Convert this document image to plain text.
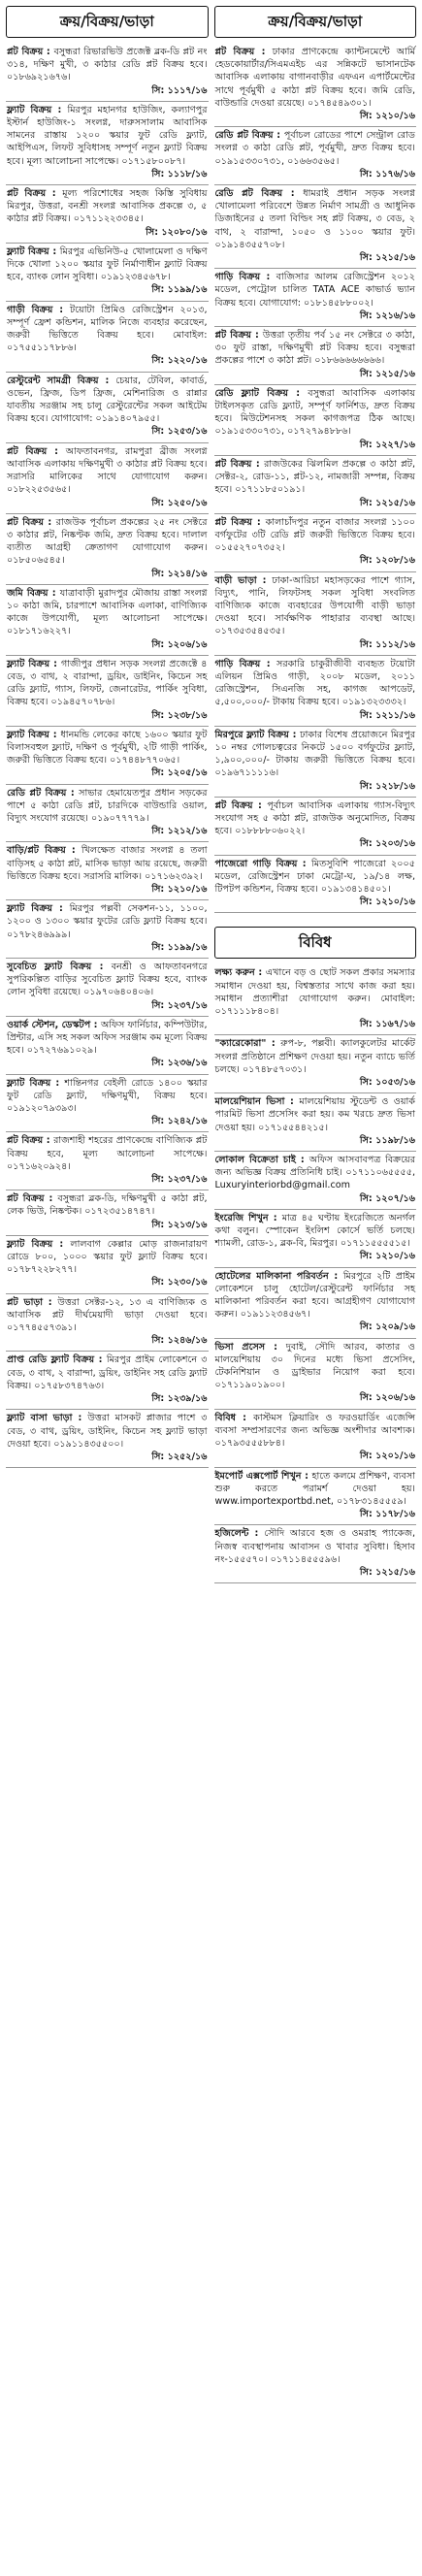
ক্রয়/বিক্রয়/ভাড়া
প্লট বিক্রয় : বসুন্ধরা রিভারভিউ প্রজেক্ট ব্লক-ডি প্লট নং ৩১৪, দক্ষিণ মুখী, ৩ কাঠার রেডি প্লট বিক্রয় হবে। ০১৮৬৯২১৬৭৬।
সি: ১১১৭/১৬
ফ্ল্যাট বিক্রয় : মিরপুর মহানগর হাউজিং, কল্যাণপুর ইস্টার্ন হাউজিং-১ সংলগ্ন, দারুসসালাম আবাসিক সামনের রাস্তায় ১২০০ স্কয়ার ফুট রেডি ফ্ল্যাট, আইপিএস, লিফট সুবিধাসহ সম্পূর্ণ নতুন ফ্ল্যাট বিক্রয় হবে। মূল্য আলোচনা সাপেক্ষে। ০১৭১৫৮০০৮৭।
সি: ১১১৮/১৬
প্লট বিক্রয় : মূল্য পরিশোধের সহজ কিস্তি সুবিধায় মিরপুর, উত্তরা, বনশ্রী সংলগ্ন আবাসিক প্রকল্পে ৩, ৫ কাঠার প্লট বিক্রয়। ০১৭১১২২৩৩৪৫।
সি: ১২০৮০/১৬
ফ্ল্যাট বিক্রয় : মিরপুর এভিনিউ-৫ খোলামেলা ও দক্ষিণ দিকে খোলা ১২০০ স্কয়ার ফুট নির্মাণাধীন ফ্ল্যাট বিক্রয় হবে, ব্যাংক লোন সুবিধা। ০১৯১২৩৪৫৬৭৮।
সি: ১১৯৯/১৬
গাড়ী বিক্রয় : টয়োটা প্রিমিও রেজিস্ট্রেশন ২০১৩, সম্পূর্ণ ফ্রেশ কন্ডিশন, মালিক নিজে ব্যবহার করেছেন, জরুরী ভিত্তিতে বিক্রয় হবে। মোবাইল: ০১৭৫৫১১৭৮৮৬।
সি: ১২২০/১৬
রেস্টুরেন্ট সামগ্রী বিক্রয় : চেয়ার, টেবিল, কাবার্ড, ওভেন, ফ্রিজ, ডিপ ফ্রিজ, মেশিনারিজ ও রান্নার যাবতীয় সরঞ্জাম সহ চালু রেস্টুরেন্টের সকল আইটেম বিক্রয় হবে। যোগাযোগ: ০১৯১৪০৭৯৫৫।
সি: ১২৫৩/১৬
প্লট বিক্রয় : আফতাবনগর, রামপুরা ব্রীজ সংলগ্ন আবাসিক এলাকায় দক্ষিণমুখী ৩ কাঠার প্লট বিক্রয় হবে। সরাসরি মালিকের সাথে যোগাযোগ করুন। ০১৮২২৫৩৫৬৫।
সি: ১২৫০/১৬
প্লট বিক্রয় : রাজউক পূর্বাচল প্রকল্পের ২৫ নং সেক্টরে ৩ কাঠার প্লট, নিষ্কণ্টক জমি, দ্রুত বিক্রয় হবে। দালাল ব্যতীত আগ্রহী ক্রেতাগণ যোগাযোগ করুন। ০১৮৫০৬৫৪৫।
সি: ১২১৪/১৬
জমি বিক্রয় : যাত্রাবাড়ী মুরাদপুর মৌজায় রাস্তা সংলগ্ন ১০ কাঠা জমি, চারপাশে আবাসিক এলাকা, বাণিজ্যিক কাজে উপযোগী, মূল্য আলোচনা সাপেক্ষে। ০১৮১৭১৬২২৭।
সি: ১২০৬/১৬
ফ্ল্যাট বিক্রয় : গাজীপুর প্রধান সড়ক সংলগ্ন প্রজেক্টে ৪ বেড, ৩ বাথ, ২ বারান্দা, ড্রয়িং, ডাইনিং, কিচেন সহ রেডি ফ্ল্যাট, গ্যাস, লিফট, জেনারেটর, পার্কিং সুবিধা, বিক্রয় হবে। ০১৯৪৫৭০৭৮৬।
সি: ১২৩৮/১৬
ফ্ল্যাট বিক্রয় : ধানমন্ডি লেকের কাছে ১৬০০ স্কয়ার ফুট বিলাসবহুল ফ্ল্যাট, দক্ষিণ ও পূর্বমুখী, ২টি গাড়ী পার্কিং, জরুরী ভিত্তিতে বিক্রয় হবে। ০১৭৪৪৮৭৭০৬৫।
সি: ১২০৫/১৬
রেডি প্লট বিক্রয় : সাভার হেমায়েতপুর প্রধান সড়কের পাশে ৫ কাঠা রেডি প্লট, চারদিকে বাউন্ডারি ওয়াল, বিদ্যুৎ সংযোগ রয়েছে। ০১৯০৭৭৭৭৯।
সি: ১২১২/১৬
বাড়ি/প্লট বিক্রয় : খিলক্ষেত বাজার সংলগ্ন ৪ তলা বাড়িসহ ৫ কাঠা প্লট, মাসিক ভাড়া আয় রয়েছে, জরুরী ভিত্তিতে বিক্রয় হবে। সরাসরি মালিক। ০১৭১৬২৩৯২।
সি: ১২১০/১৬
ফ্ল্যাট বিক্রয় : মিরপুর পল্লবী সেকশন-১১, ১১০০, ১২০০ ও ১৩০০ স্কয়ার ফুটের রেডি ফ্ল্যাট বিক্রয় হবে। ০১৭৮২৪৬৯৯৯।
সি: ১১৯৯/১৬
সুবেচিত ফ্ল্যাট বিক্রয় : বনশ্রী ও আফতাবনগরে সুপরিকল্পিত বাড়ির সুবেচিত ফ্ল্যাট বিক্রয় হবে, ব্যাংক লোন সুবিধা রয়েছে। ০১৯৭০৬৪০৪০৬।
সি: ১২৩৭/১৬
ওয়ার্ক স্টেশন, ডেস্কটপ : অফিস ফার্নিচার, কম্পিউটার, প্রিন্টার, এসি সহ সকল অফিস সরঞ্জাম কম মূল্যে বিক্রয় হবে। ০১৭২৭৬৯১০২৯।
সি: ১২৩৬/১৬
ফ্ল্যাট বিক্রয় : শান্তিনগর বেইলী রোডে ১৪০০ স্কয়ার ফুট রেডি ফ্ল্যাট, দক্ষিণমুখী, বিক্রয় হবে। ০১৯১২০৭৯৩৯৩।
সি: ১২৪২/১৬
প্লট বিক্রয় : রাজশাহী শহরের প্রাণকেন্দ্রে বাণিজ্যিক প্লট বিক্রয় হবে, মূল্য আলোচনা সাপেক্ষে। ০১৭১৬২০৯২৪।
সি: ১২৩৭/১৬
প্লট বিক্রয় : বসুন্ধরা ব্লক-ডি, দক্ষিণমুখী ৫ কাঠা প্লট, লেক ভিউ, নিষ্কণ্টক। ০১৭২৩৫১৪৭৪৭।
সি: ১২১৩/১৬
ফ্ল্যাট বিক্রয় : লালবাগ কেল্লার মোড় রাজনারায়ণ রোডে ৮০০, ১০০০ স্কয়ার ফুট ফ্ল্যাট বিক্রয় হবে। ০১৭৮৭২২৮২৭৭।
সি: ১২৩০/১৬
প্লট ভাড়া : উত্তরা সেক্টর-১২, ১৩ এ বাণিজ্যিক ও আবাসিক প্লট দীর্ঘমেয়াদী ভাড়া দেওয়া হবে। ০১৭৭৪৫৫৭৩৯১।
সি: ১২৪৬/১৬
প্রাপ্ত রেডি ফ্ল্যাট বিক্রয় : মিরপুর প্রাইম লোকেশনে ৩ বেড, ৩ বাথ, ২ বারান্দা, ড্রয়িং, ডাইনিং সহ রেডি ফ্ল্যাট বিক্রয়। ০১৭৫৮৩৭৪৭৬৩।
সি: ১২৩৯/১৬
ফ্ল্যাট বাসা ভাড়া : উত্তরা মাসকট প্লাজার পাশে ৩ বেড, ৩ বাথ, ড্রয়িং, ডাইনিং, কিচেন সহ ফ্ল্যাট ভাড়া দেওয়া হবে। ০১৯১১৪৩৫৫০০।
সি: ১২৫২/১৬
ক্রয়/বিক্রয়/ভাড়া
প্লট বিক্রয় : ঢাকার প্রাণকেন্দ্রে ক্যান্টনমেন্টে আর্মি হেডকোয়ার্টার/সিএমএইচ এর সন্নিকটে ভাসানটেক আবাসিক এলাকায় বাগানবাড়ীর এফএন এপার্টমেন্টের সাথে পূর্বমুখী ৫ কাঠা প্লট বিক্রয় হবে। জমি রেডি, বাউন্ডারি দেওয়া রয়েছে। ০১৭৪৫৪৯৩০১।
সি: ১২১০/১৬
রেডি প্লট বিক্রয় : পূর্বাচল রোডের পাশে সেন্ট্রাল রোড সংলগ্ন ৩ কাঠা রেডি প্লট, পূর্বমুখী, দ্রুত বিক্রয় হবে। ০১৯১৫৩৩০৭৩১, ০১৬৬৩৫৬৫।
সি: ১১৭৬/১৬
রেডি প্লট বিক্রয় : ধামরাই প্রধান সড়ক সংলগ্ন খোলামেলা পরিবেশে উন্নত নির্মাণ সামগ্রী ও আধুনিক ডিজাইনের ৫ তলা বিল্ডিং সহ প্লট বিক্রয়, ৩ বেড, ২ বাথ, ২ বারান্দা, ১০৫০ ও ১১০০ স্কয়ার ফুট। ০১৯১৪৩৫৫৭০৮।
সি: ১২১৫/১৬
গাড়ি বিক্রয় : বাজিসার আলম রেজিস্ট্রেশন ২০১২ মডেল, পেট্রোল চালিত TATA ACE কাভার্ড ভ্যান বিক্রয় হবে। যোগাযোগ: ০১৮১৪৫৮৮০০২।
সি: ১২১৬/১৬
প্লট বিক্রয় : উত্তরা তৃতীয় পর্ব ১৫ নং সেক্টরে ৩ কাঠা, ৩০ ফুট রাস্তা, দক্ষিণমুখী প্লট বিক্রয় হবে। বসুন্ধরা প্রকল্পের পাশে ৩ কাঠা প্লট। ০১৮৬৬৬৬৬৬৬৬।
সি: ১২১৫/১৬
রেডি ফ্ল্যাট বিক্রয় : বসুন্ধরা আবাসিক এলাকায় টাইলসকৃত রেডি ফ্ল্যাট, সম্পূর্ণ ফার্নিশড, দ্রুত বিক্রয় হবে। মিউটেশনসহ সকল কাগজপত্র ঠিক আছে। ০১৯১৫৩৩০৭৩১, ০১৭২৭৯৪৮৮৬।
সি: ১২২৭/১৬
প্লট বিক্রয় : রাজউকের ঝিলমিল প্রকল্পে ৩ কাঠা প্লট, সেক্টর-২, রোড-১১, প্লট-১২, নামজারী সম্পন্ন, বিক্রয় হবে। ০১৭১১৮৫০১৯১।
সি: ১২১৫/১৬
প্লট বিক্রয় : কালাচাঁদপুর নতুন বাজার সংলগ্ন ১১০০ বর্গফুটের ৩টি রেডি প্লট জরুরী ভিত্তিতে বিক্রয় হবে। ০১৫৫২৭০৭৩৫২।
সি: ১২০৮/১৬
বাড়ী ভাড়া : ঢাকা-আরিচা মহাসড়কের পাশে গ্যাস, বিদ্যুৎ, পানি, লিফটসহ সকল সুবিধা সংবলিত বাণিজ্যিক কাজে ব্যবহারের উপযোগী বাড়ী ভাড়া দেওয়া হবে। সার্বক্ষণিক পাহারার ব্যবস্থা আছে। ০১৭৩৫৩৫৪৫৩৫।
সি: ১১১২/১৬
গাড়ি বিক্রয় : সরকারি চাকুরীজীবী ব্যবহৃত টয়োটা এলিয়ন প্রিমিও গাড়ী, ২০০৮ মডেল, ২০১১ রেজিস্ট্রেশন, সিএনজি সহ, কাগজ আপডেট, ৫,৫০০,০০০/- টাকায় বিক্রয় হবে। ০১৯১৩২৩৩৩২।
সি: ১২১১/১৬
মিরপুরে ফ্ল্যাট বিক্রয় : ঢাকার বিশেষ প্রয়োজনে মিরপুর ১০ নম্বর গোলচত্বরের নিকটে ১৫০০ বর্গফুটের ফ্ল্যাট, ১,৯০০,০০০/- টাকায় জরুরী ভিত্তিতে বিক্রয় হবে। ০১৯৬৭১১১১৬।
সি: ১২১৮/১৬
প্লট বিক্রয় : পূর্বাচল আবাসিক এলাকায় গ্যাস-বিদ্যুৎ সংযোগ সহ ৫ কাঠা প্লট, রাজউক অনুমোদিত, বিক্রয় হবে। ০১৮৮৮৮০৬০২২।
সি: ১২০৩/১৬
পাজেরো গাড়ি বিক্রয় : মিতসুবিশি পাজেরো ২০০৫ মডেল, রেজিস্ট্রেশন ঢাকা মেট্রো-ঘ, ১৯/১৪ লক্ষ, টিপটপ কন্ডিশন, বিক্রয় হবে। ০১৯১৩৪১৪৫০১।
সি: ১২১০/১৬
বিবিধ
লক্ষ্য করুন : এখানে বড় ও ছোট সকল প্রকার সমস্যার সমাধান দেওয়া হয়, বিশ্বস্ততার সাথে কাজ করা হয়। সমাধান প্রত্যাশীরা যোগাযোগ করুন। মোবাইল: ০১৭১১১৮৪০৪।
সি: ১১৬৭/১৬
"ক্যারেকোরা" : রুপ-৮, পল্লবী। ক্যালকুলেটর মার্কেট সংলগ্ন প্রতিষ্ঠানে প্রশিক্ষণ দেওয়া হয়। নতুন ব্যাচে ভর্তি চলছে। ০১৭৪৮৫৭০৩১।
সি: ১০৫৩/১৬
মালয়েশিয়ান ভিসা : মালয়েশিয়ায় স্টুডেন্ট ও ওয়ার্ক পারমিট ভিসা প্রসেসিং করা হয়। কম খরচে দ্রুত ভিসা দেওয়া হয়। ০১৭১৫৫৪৪২১৫।
সি: ১১৯৮/১৬
লোকাল বিক্রেতা চাই : অফিস আসবাবপত্র বিক্রয়ের জন্য অভিজ্ঞ বিক্রয় প্রতিনিধি চাই। ০১৭১১০৬৫৫৫৫, Luxuryinteriorbd@gmail.com
সি: ১২০৭/১৬
ইংরেজি শিখুন : মাত্র ৪৫ ঘণ্টায় ইংরেজিতে অনর্গল কথা বলুন। স্পোকেন ইংলিশ কোর্সে ভর্তি চলছে। শ্যামলী, রোড-১, ব্লক-বি, মিরপুর। ০১৭১১৫৫৫৫১৫।
সি: ১২১০/১৬
হোটেলের মালিকানা পরিবর্তন : মিরপুরে ২টি প্রাইম লোকেশনে চালু হোটেল/রেস্টুরেন্ট ফার্নিচার সহ মালিকানা পরিবর্তন করা হবে। আগ্রহীগণ যোগাযোগ করুন। ০১৯১১২৩৪৫৬৭।
সি: ১২০৯/১৬
ভিসা প্রসেস : দুবাই, সৌদি আরব, কাতার ও মালয়েশিয়ায় ৩০ দিনের মধ্যে ভিসা প্রসেসিং, টেকনিশিয়ান ও ড্রাইভার নিয়োগ করা হবে। ০১৭১১৯০১৯০০।
সি: ১২০৬/১৬
বিবিধ : কাস্টমস ক্লিয়ারিং ও ফরওয়ার্ডিং এজেন্সি ব্যবসা সম্প্রসারণের জন্য অভিজ্ঞ অংশীদার আবশ্যক। ০১৭৯৩৫৫৫৮৮৪।
সি: ১২০১/১৬
ইমপোর্ট এক্সপোর্ট শিখুন : হাতে কলমে প্রশিক্ষণ, ব্যবসা শুরু করতে পরামর্শ দেওয়া হয়। www.importexportbd.net, ০১৭৮৩১৪৫৫৫৯।
সি: ১১৭৮/১৬
হজিলেন্ট : সৌদি আরবে হজ ও ওমরাহ প্যাকেজ, নিজস্ব ব্যবস্থাপনায় আবাসন ও খাবার সুবিধা। হিসাব নং-১৫৫৫৭০। ০১৭১১৪৫৫৫৯৬।
সি: ১২১৫/১৬
